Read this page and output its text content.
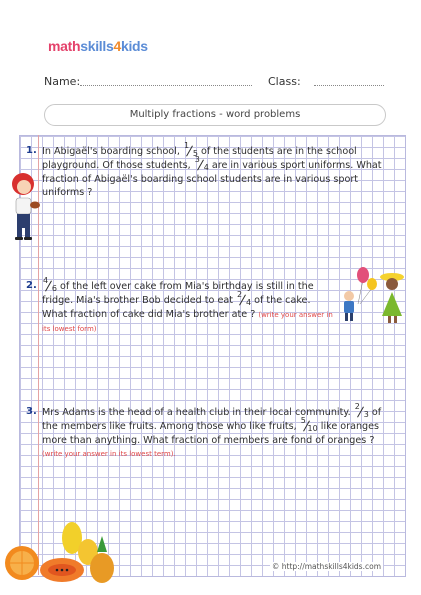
mathskills4kids
Name:	Class:
Multiply fractions - word problems
1. In Abigaël's boarding school,
1
5 of the students are in the school playground. Of those students,
3
4 are in various sport uniforms. What fraction of Abigaël's boarding school students are in various sport uniforms ?
2. 4
6 of the left over cake from Mia's birthday is still in the fridge. Mia's brother Bob decided to eat
2
4 of the cake. What fraction of cake did Mia's brother ate ? (write your answer in its lowest form)
3. Mrs Adams is the head of a health club in their local community.
2
3 of the members like fruits. Among those who like fruits,
5
10 like oranges more than anything. What fraction of members are fond of oranges ? (write your answer in its lowest term).
© http://mathskills4kids.com
